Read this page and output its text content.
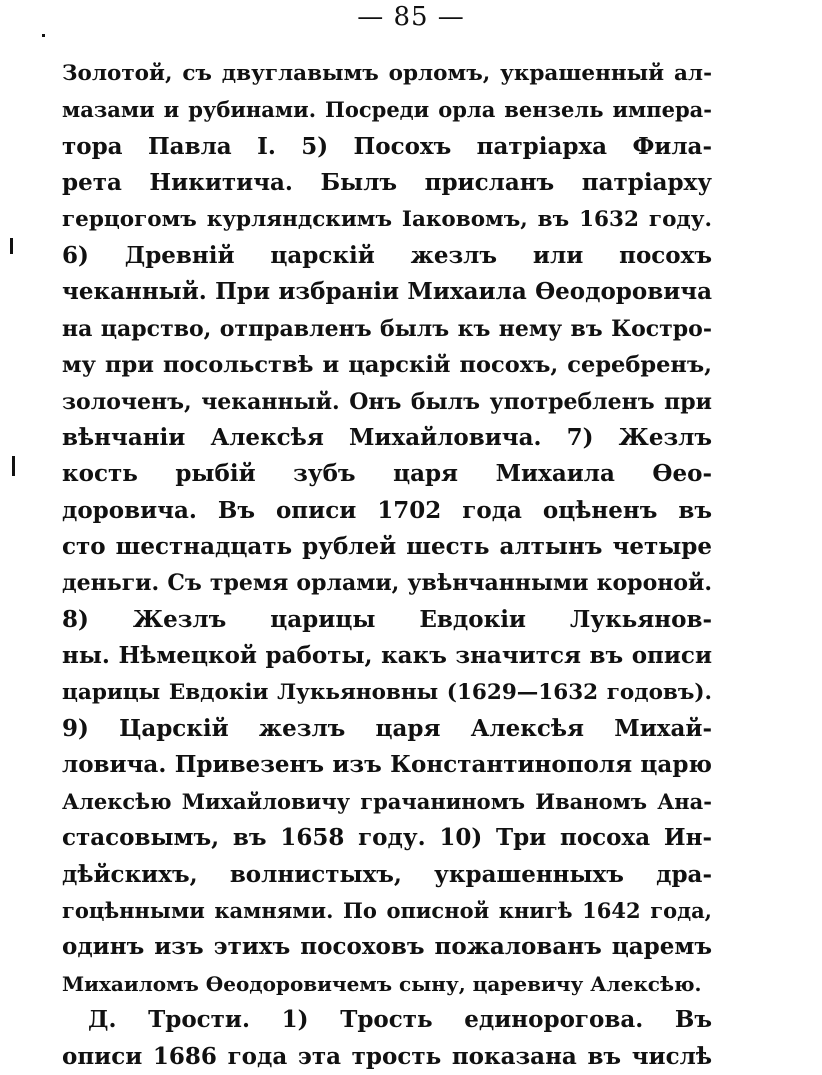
— 85 —
Золотой, съ двуглавымъ орломъ, украшенный ал-
мазами и рубинами. Посреди орла вензель импера-
тора Павла I. 5) Посохъ патріарха Фила-
рета Никитича. Былъ присланъ патріарху
герцогомъ курляндскимъ Іаковомъ, въ 1632 году.
6) Древній царскій жезлъ или посохъ
чеканный. При избраніи Михаила Ѳеодоровича
на царство, отправленъ былъ къ нему въ Костро-
му при посольствѣ и царскій посохъ, серебренъ,
золоченъ, чеканный. Онъ былъ употребленъ при
вѣнчаніи Алексѣя Михайловича. 7) Жезлъ
кость рыбій зубъ царя Михаила Ѳео-
доровича. Въ описи 1702 года оцѣненъ въ
сто шестнадцать рублей шесть алтынъ четыре
деньги. Съ тремя орлами, увѣнчанными короной.
8) Жезлъ царицы Евдокіи Лукьянов-
ны. Нѣмецкой работы, какъ значится въ описи
царицы Евдокіи Лукьяновны (1629—1632 годовъ).
9) Царскій жезлъ царя Алексѣя Михай-
ловича. Привезенъ изъ Константинополя царю
Алексѣю Михайловичу грачаниномъ Иваномъ Ана-
стасовымъ, въ 1658 году. 10) Три посоха Ин-
дѣйскихъ, волнистыхъ, украшенныхъ дра-
гоцѣнными камнями. По описной книгѣ 1642 года,
одинъ изъ этихъ посоховъ пожалованъ царемъ
Михаиломъ Ѳеодоровичемъ сыну, царевичу Алексѣю.
Д. Трости. 1) Трость единорогова. Въ
описи 1686 года эта трость показана въ числѣ
